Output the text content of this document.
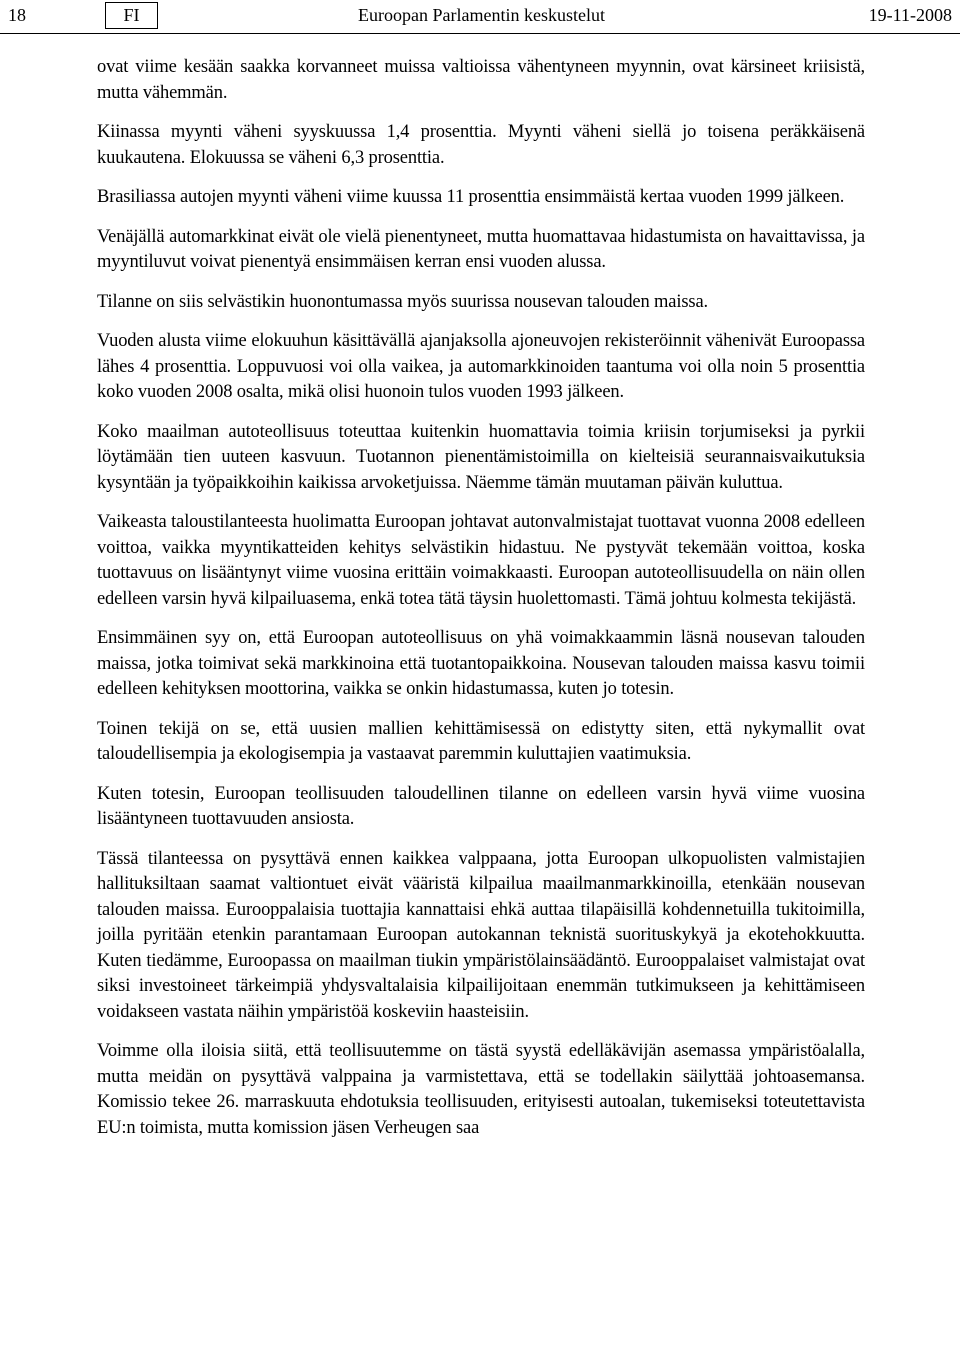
18	FI	Euroopan Parlamentin keskustelut	19-11-2008

ovat viime kesään saakka korvanneet muissa valtioissa vähentyneen myynnin, ovat kärsineet kriisistä, mutta vähemmän.

Kiinassa myynti väheni syyskuussa 1,4 prosenttia. Myynti väheni siellä jo toisena peräkkäisenä kuukautena. Elokuussa se väheni 6,3 prosenttia.

Brasiliassa autojen myynti väheni viime kuussa 11 prosenttia ensimmäistä kertaa vuoden 1999 jälkeen.

Venäjällä automarkkinat eivät ole vielä pienentyneet, mutta huomattavaa hidastumista on havaittavissa, ja myyntiluvut voivat pienentyä ensimmäisen kerran ensi vuoden alussa.

Tilanne on siis selvästikin huonontumassa myös suurissa nousevan talouden maissa.

Vuoden alusta viime elokuuhun käsittävällä ajanjaksolla ajoneuvojen rekisteröinnit vähenivät Euroopassa lähes 4 prosenttia. Loppuvuosi voi olla vaikea, ja automarkkinoiden taantuma voi olla noin 5 prosenttia koko vuoden 2008 osalta, mikä olisi huonoin tulos vuoden 1993 jälkeen.

Koko maailman autoteollisuus toteuttaa kuitenkin huomattavia toimia kriisin torjumiseksi ja pyrkii löytämään tien uuteen kasvuun. Tuotannon pienentämistoimilla on kielteisiä seurannaisvaikutuksia kysyntään ja työpaikkoihin kaikissa arvoketjuissa. Näemme tämän muutaman päivän kuluttua.

Vaikeasta taloustilanteesta huolimatta Euroopan johtavat autonvalmistajat tuottavat vuonna 2008 edelleen voittoa, vaikka myyntikatteiden kehitys selvästikin hidastuu. Ne pystyvät tekemään voittoa, koska tuottavuus on lisääntynyt viime vuosina erittäin voimakkaasti. Euroopan autoteollisuudella on näin ollen edelleen varsin hyvä kilpailuasema, enkä totea tätä täysin huolettomasti. Tämä johtuu kolmesta tekijästä.

Ensimmäinen syy on, että Euroopan autoteollisuus on yhä voimakkaammin läsnä nousevan talouden maissa, jotka toimivat sekä markkinoina että tuotantopaikkoina. Nousevan talouden maissa kasvu toimii edelleen kehityksen moottorina, vaikka se onkin hidastumassa, kuten jo totesin.

Toinen tekijä on se, että uusien mallien kehittämisessä on edistytty siten, että nykymallit ovat taloudellisempia ja ekologisempia ja vastaavat paremmin kuluttajien vaatimuksia.

Kuten totesin, Euroopan teollisuuden taloudellinen tilanne on edelleen varsin hyvä viime vuosina lisääntyneen tuottavuuden ansiosta.

Tässä tilanteessa on pysyttävä ennen kaikkea valppaana, jotta Euroopan ulkopuolisten valmistajien hallituksiltaan saamat valtiontuet eivät vääristä kilpailua maailmanmarkkinoilla, etenkään nousevan talouden maissa. Eurooppalaisia tuottajia kannattaisi ehkä auttaa tilapäisillä kohdennetuilla tukitoimilla, joilla pyritään etenkin parantamaan Euroopan autokannan teknistä suorituskykyä ja ekotehokkuutta. Kuten tiedämme, Euroopassa on maailman tiukin ympäristölainsäädäntö. Eurooppalaiset valmistajat ovat siksi investoineet tärkeimpiä yhdysvaltalaisia kilpailijoitaan enemmän tutkimukseen ja kehittämiseen voidakseen vastata näihin ympäristöä koskeviin haasteisiin.

Voimme olla iloisia siitä, että teollisuutemme on tästä syystä edelläkävijän asemassa ympäristöalalla, mutta meidän on pysyttävä valppaina ja varmistettava, että se todellakin säilyttää johtoasemansa. Komissio tekee 26. marraskuuta ehdotuksia teollisuuden, erityisesti autoalan, tukemiseksi toteutettavista EU:n toimista, mutta komission jäsen Verheugen saa
